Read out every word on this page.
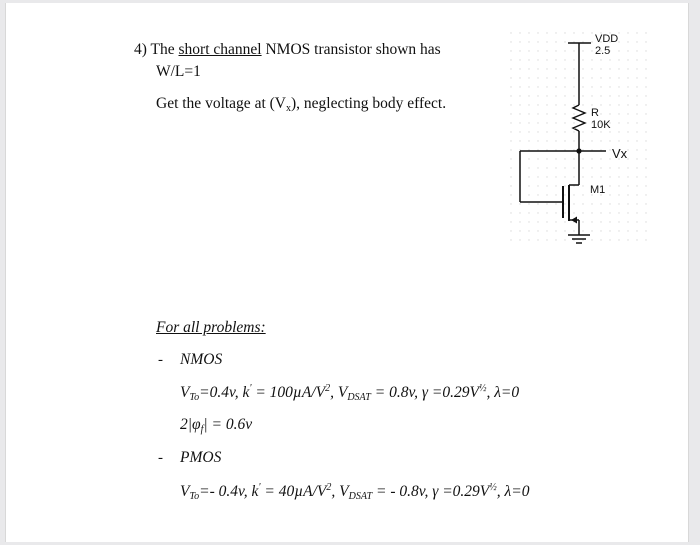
4) The short channel NMOS transistor shown has
W/L=1
Get the voltage at $(V_x)$, neglecting body effect.
VDD
2.5
R
10K
Vx
M1
For all problems:
- NMOS
$V_{To}=0.4v$, $k' = 100\mu A/V^2$, $V_{DSAT} = 0.8v$, $\gamma =0.29V^{\frac{1}{2}}$, λ=0
$2|\varphi_f| = 0.6v$
- PMOS
$V_{To}=-$ 0.4v, $k' = 40\mu A/V^2$, $V_{DSAT}$ = - 0.8v, $\gamma =0.29V^{\frac{1}{2}}$, λ=0
